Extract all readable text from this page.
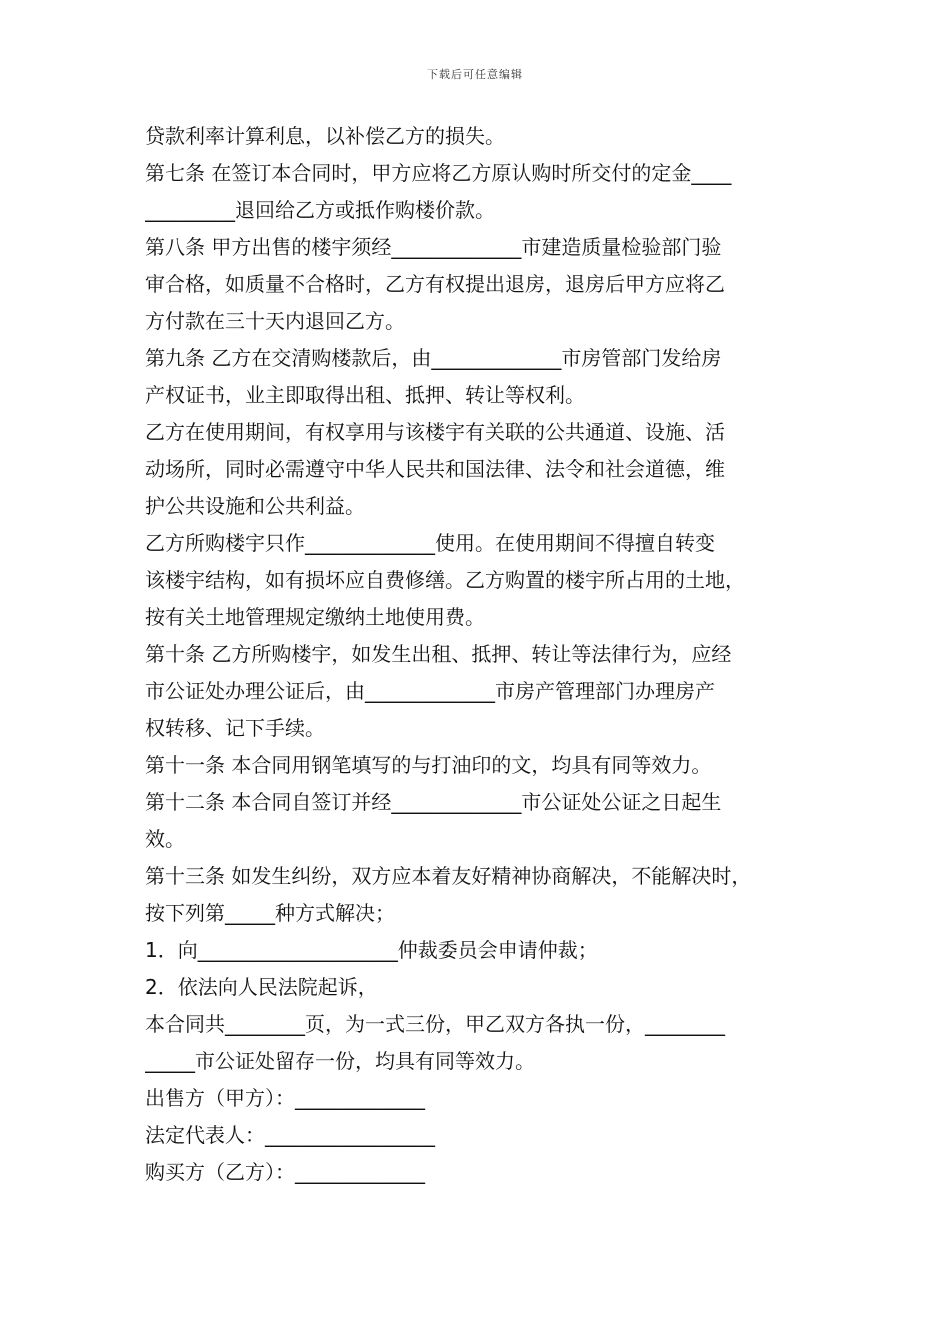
下载后可任意编辑
贷款利率计算利息，以补偿乙方的损失。
第七条 在签订本合同时，甲方应将乙方原认购时所交付的定金____
_________退回给乙方或抵作购楼价款。
第八条 甲方出售的楼宇须经_____________市建造质量检验部门验
审合格，如质量不合格时，乙方有权提出退房，退房后甲方应将乙
方付款在三十天内退回乙方。
第九条 乙方在交清购楼款后，由_____________市房管部门发给房
产权证书，业主即取得出租、抵押、转让等权利。
乙方在使用期间，有权享用与该楼宇有关联的公共通道、设施、活
动场所，同时必需遵守中华人民共和国法律、法令和社会道德，维
护公共设施和公共利益。
乙方所购楼宇只作_____________使用。在使用期间不得擅自转变
该楼宇结构，如有损坏应自费修缮。乙方购置的楼宇所占用的土地，
按有关土地管理规定缴纳土地使用费。
第十条 乙方所购楼宇，如发生出租、抵押、转让等法律行为，应经
市公证处办理公证后，由_____________市房产管理部门办理房产
权转移、记下手续。
第十一条 本合同用钢笔填写的与打油印的文，均具有同等效力。
第十二条 本合同自签订并经_____________市公证处公证之日起生
效。
第十三条 如发生纠纷，双方应本着友好精神协商解决，不能解决时，
按下列第_____种方式解决；
1．向____________________仲裁委员会申请仲裁；
2．依法向人民法院起诉，
本合同共________页，为一式三份，甲乙双方各执一份，________
_____市公证处留存一份，均具有同等效力。
出售方（甲方）：_____________
法定代表人：_________________
购买方（乙方）：_____________
